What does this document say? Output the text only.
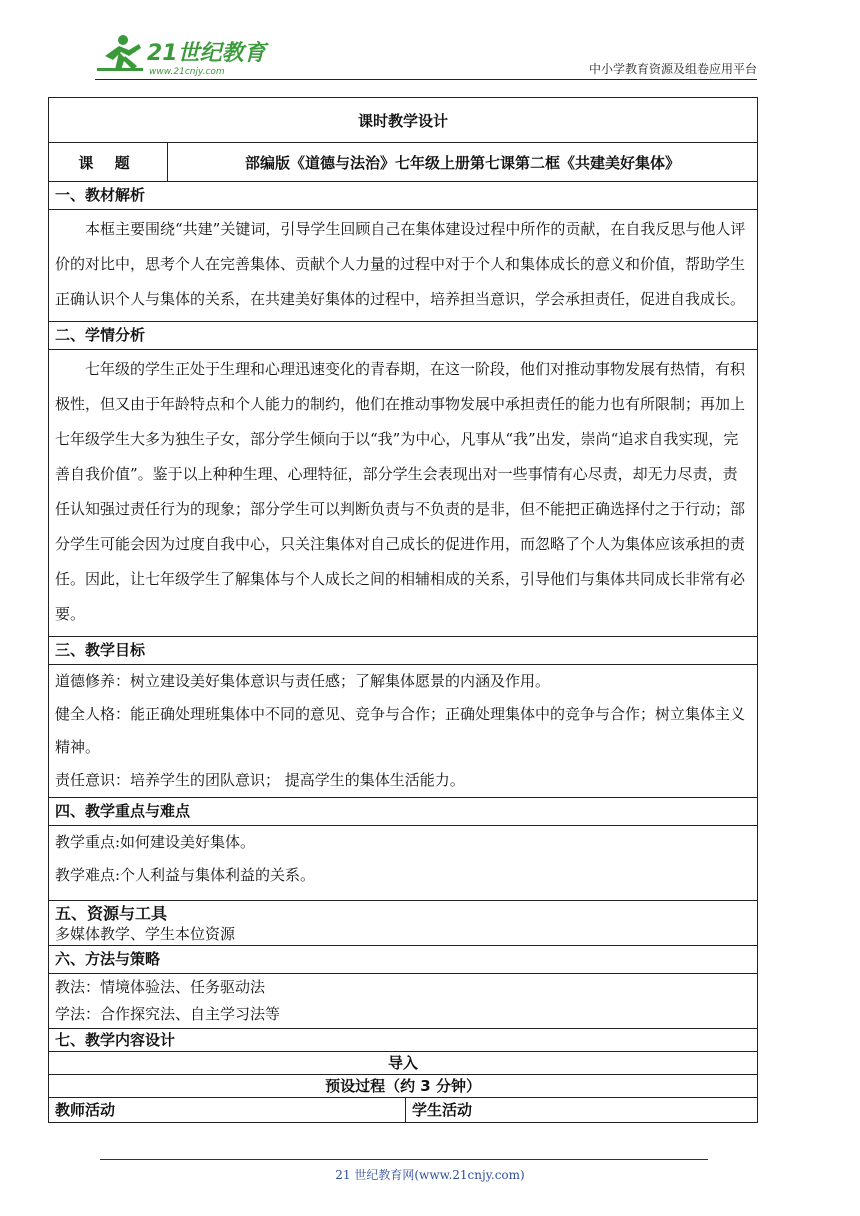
21世纪教育
www.21cnjy.com	中小学教育资源及组卷应用平台
课时教学设计		
课 题	部编版《道德与法治》七年级上册第七课第二框《共建美好集体》	
一、教材解析		
本框主要围绕“共建”关键词，引导学生回顾自己在集体建设过程中所作的贡献，在自我反思与他人评价的对比中，思考个人在完善集体、贡献个人力量的过程中对于个人和集体成长的意义和价值，帮助学生正确认识个人与集体的关系，在共建美好集体的过程中，培养担当意识，学会承担责任，促进自我成长。		
二、学情分析		
七年级的学生正处于生理和心理迅速变化的青春期，在这一阶段，他们对推动事物发展有热情，有积极性，但又由于年龄特点和个人能力的制约，他们在推动事物发展中承担责任的能力也有所限制；再加上七年级学生大多为独生子女，部分学生倾向于以“我”为中心，凡事从“我”出发，崇尚“追求自我实现，完善自我价值”。鉴于以上种种生理、心理特征，部分学生会表现出对一些事情有心尽责，却无力尽责，责任认知强过责任行为的现象；部分学生可以判断负责与不负责的是非，但不能把正确选择付之于行动；部分学生可能会因为过度自我中心，只关注集体对自己成长的促进作用，而忽略了个人为集体应该承担的责任。因此，让七年级学生了解集体与个人成长之间的相辅相成的关系，引导他们与集体共同成长非常有必要。		
三、教学目标		

道德修养：树立建设美好集体意识与责任感；了解集体愿景的内涵及作用。
健全人格：能正确处理班集体中不同的意见、竞争与合作；正确处理集体中的竞争与合作；树立集体主义精神。
责任意识：培养学生的团队意识； 提高学生的集体生活能力。		

四、教学重点与难点		

教学重点:如何建设美好集体。
教学难点:个人利益与集体利益的关系。		

五、资源与工具
多媒体教学、学生本位资源		

六、方法与策略		

教法：情境体验法、任务驱动法
学法：合作探究法、自主学习法等		

七、教学内容设计		
导入		
预设过程（约 3 分钟）		
教师活动		学生活动
21 世纪教育网(www.21cnjy.com)
